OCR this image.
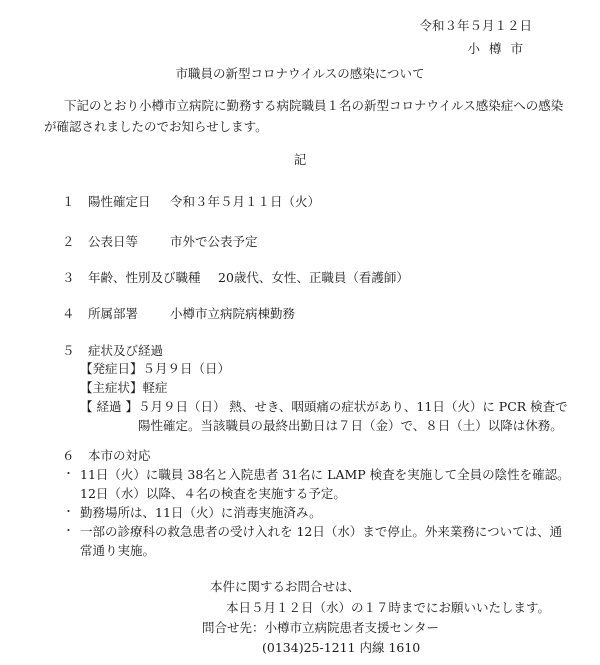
令和３年５月１２日
小樽市
市職員の新型コロナウイルスの感染について
下記のとおり小樽市立病院に勤務する病院職員１名の新型コロナウイルス感染症への感染が確認されましたのでお知らせします。
記
１ 陽性確定日 令和３年５月１１日（火）
２ 公表日等	市外で公表予定
３ 年齢、性別及び職種 20歳代、女性、正職員（看護師）
４ 所属部署	小樽市立病院病棟勤務
５ 症状及び経過
【発症日】５月９日（日）
【主症状】軽症
【 経過 】５月９日（日） 熱、せき、咽頭痛の症状があり、11日（火）に PCR 検査で
陽性確定。当該職員の最終出勤日は７日（金）で、８日（土）以降は休務。
６ 本市の対応
・ 11日（火）に職員 38名と入院患者 31名に LAMP 検査を実施して全員の陰性を確認。
12日（水）以降、４名の検査を実施する予定。
・ 勤務場所は、11日（火）に消毒実施済み。
・ 一部の診療科の救急患者の受け入れを 12日（水）まで停止。外来業務については、通
常通り実施。
本件に関するお問合せは、
本日５月１２日（水）の１７時までにお願いいたします。
問合せ先：小樽市立病院患者支援センター
(0134)25-1211 内線 1610
